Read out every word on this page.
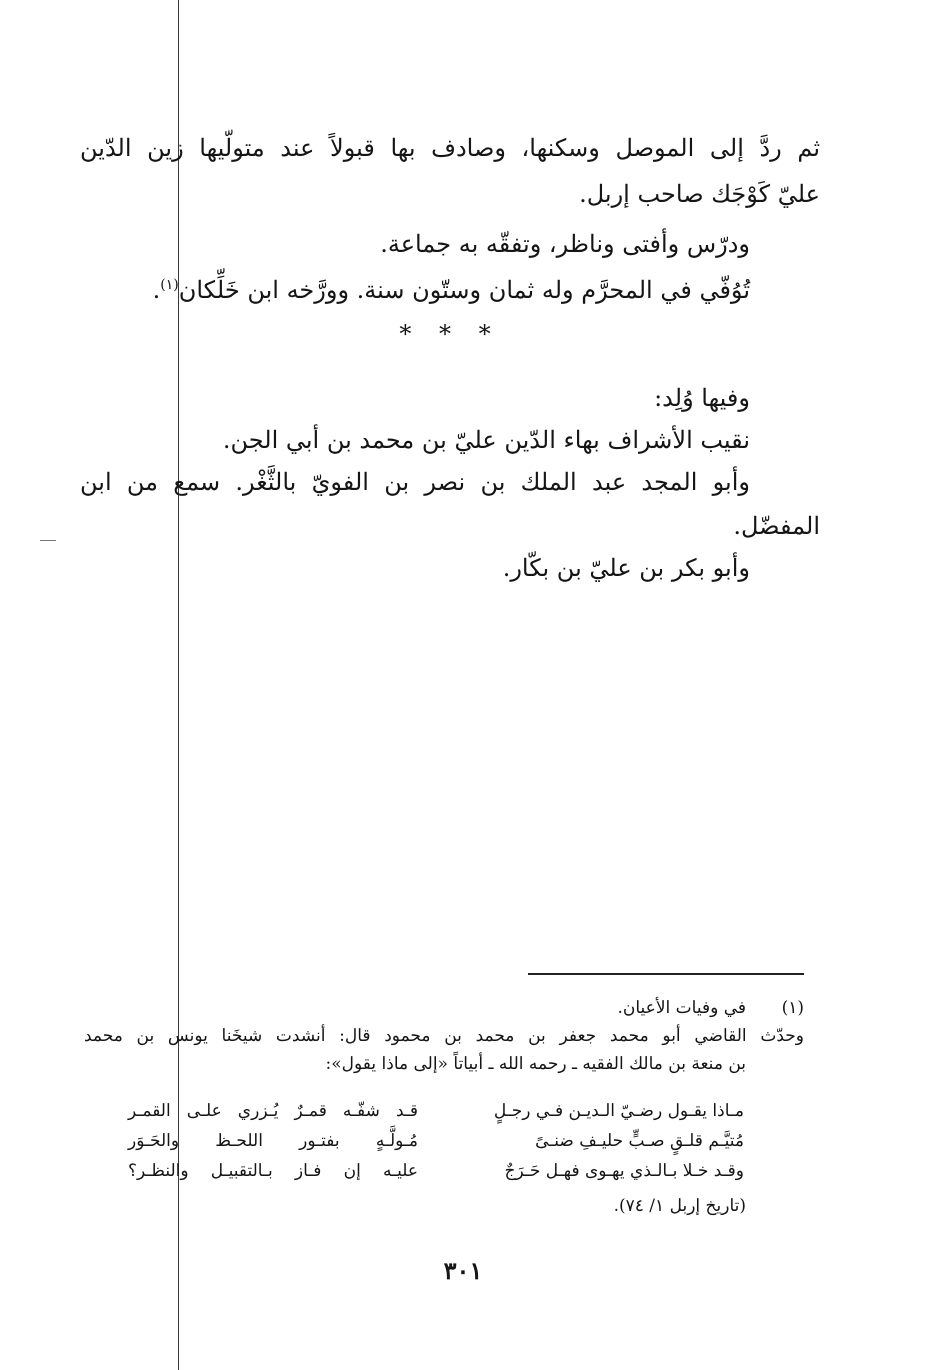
ثم ردَّ إلى الموصل وسكنها، وصادف بها قبولاً عند متولّيها زين الدّين
عليّ كَوْجَك صاحب إربل.
ودرّس وأفتى وناظر، وتفقّه به جماعة.
تُوُفّي في المحرَّم وله ثمان وستّون سنة. وورَّخه ابن خَلِّكان$^{(١)}$.
* * *
وفيها وُلِد:
نقيب الأشراف بهاء الدّين عليّ بن محمد بن أبي الجن.
وأبو المجد عبد الملك بن نصر بن الفويّ بالثَّغْر. سمع من ابن
المفضّل.
وأبو بكر بن عليّ بن بكّار.
(١)
في وفيات الأعيان.
وحدّث القاضي أبو محمد جعفر بن محمد بن محمود قال: أنشدت شيخَنا يونس بن محمد
بن منعة بن مالك الفقيه ـ رحمه الله ـ أبياتاً «إلى ماذا يقول»:
مـاذا يقـول رضـيّ الـديـن فـي رجـلٍ
مُتيَّـم قلـقٍ صـبٍّ حليـفِ ضنـىً
وقـد خـلا بـالـذي يهـوى فهـل حَـرَجٌ
قـد شفّـه قمـرٌ يُـزري علـى القمـر
مُـولَّـهٍ بفتـور اللحـظ والحَـوَر
عليـه إن فـاز بـالتقبيـل والنظـر؟
(تاريخ إربل ١/ ٧٤).
٣٠١
